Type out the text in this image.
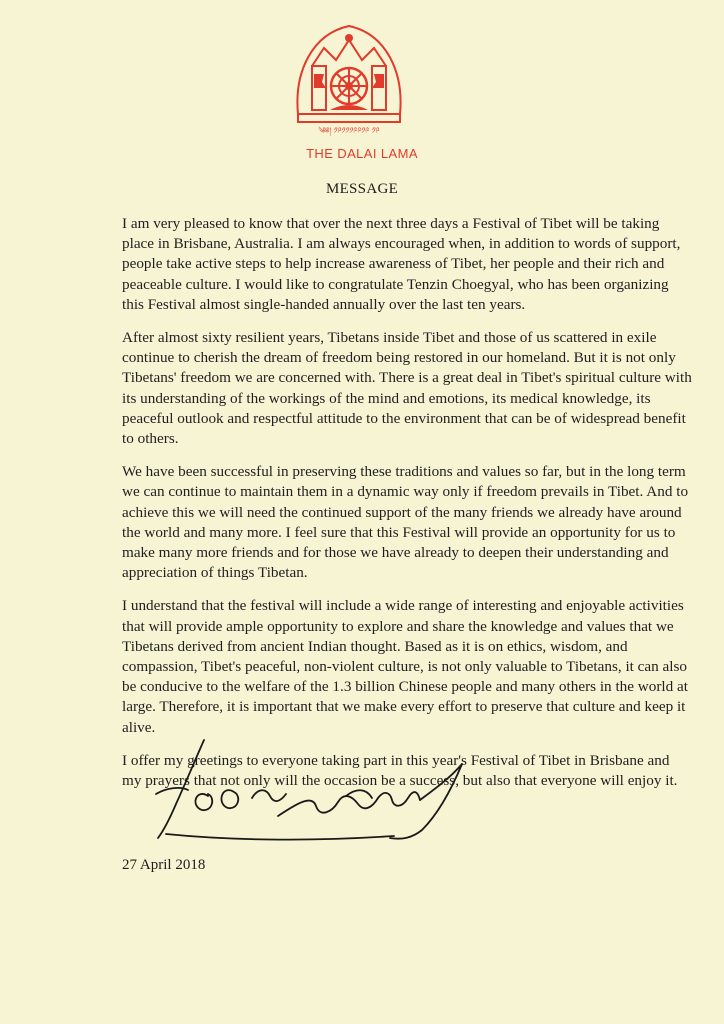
༄༅། ༡༩༡༡༡༩༩༡༩ ༡༩
THE DALAI LAMA
MESSAGE

I am very pleased to know that over the next three days a Festival of Tibet will be taking place in Brisbane, Australia. I am always encouraged when, in addition to words of support, people take active steps to help increase awareness of Tibet, her people and their rich and peaceable culture. I would like to congratulate Tenzin Choegyal, who has been organizing this Festival almost single-handed annually over the last ten years.

After almost sixty resilient years, Tibetans inside Tibet and those of us scattered in exile continue to cherish the dream of freedom being restored in our homeland. But it is not only Tibetans' freedom we are concerned with. There is a great deal in Tibet's spiritual culture with its understanding of the workings of the mind and emotions, its medical knowledge, its peaceful outlook and respectful attitude to the environment that can be of widespread benefit to others.

We have been successful in preserving these traditions and values so far, but in the long term we can continue to maintain them in a dynamic way only if freedom prevails in Tibet. And to achieve this we will need the continued support of the many friends we already have around the world and many more. I feel sure that this Festival will provide an opportunity for us to make many more friends and for those we have already to deepen their understanding and appreciation of things Tibetan.

I understand that the festival will include a wide range of interesting and enjoyable activities that will provide ample opportunity to explore and share the knowledge and values that we Tibetans derived from ancient Indian thought. Based as it is on ethics, wisdom, and compassion, Tibet's peaceful, non-violent culture, is not only valuable to Tibetans, it can also be conducive to the welfare of the 1.3 billion Chinese people and many others in the world at large. Therefore, it is important that we make every effort to preserve that culture and keep it alive.

I offer my greetings to everyone taking part in this year's Festival of Tibet in Brisbane and my prayers that not only will the occasion be a success, but also that everyone will enjoy it.

27 April 2018
